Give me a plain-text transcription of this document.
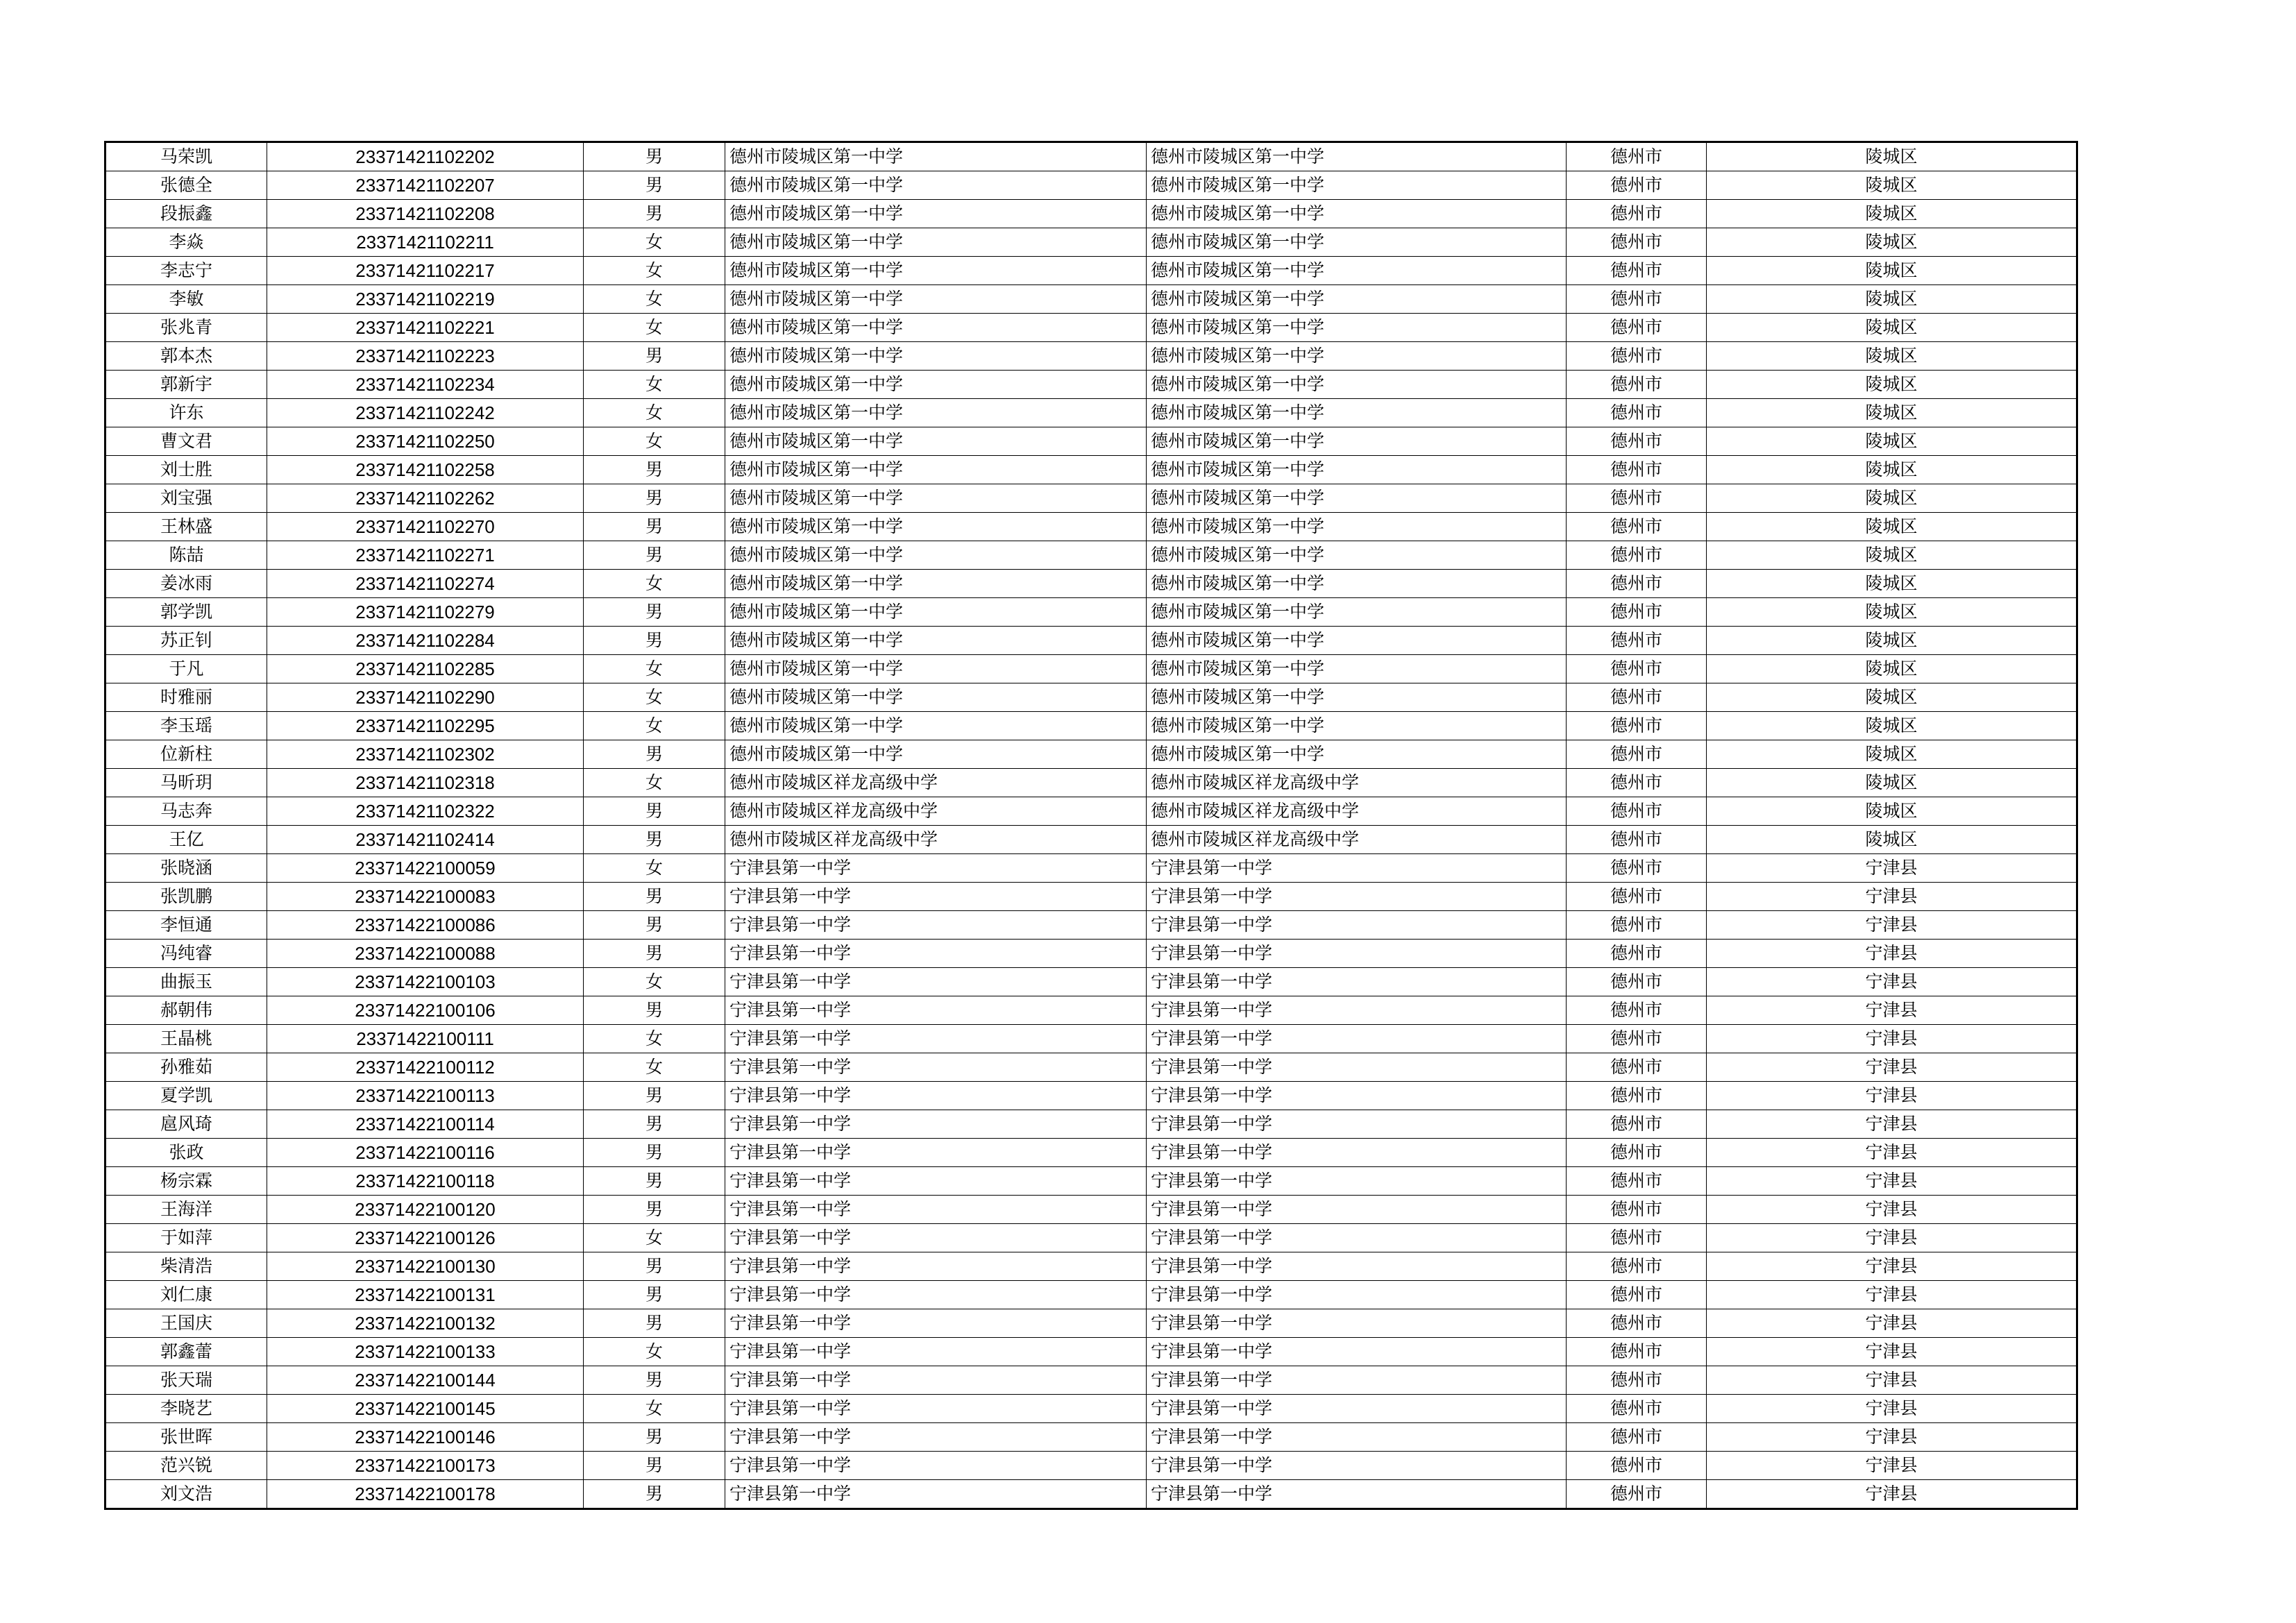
马荣凯	23371421102202	男	德州市陵城区第一中学	德州市陵城区第一中学	德州市	陵城区
张德全	23371421102207	男	德州市陵城区第一中学	德州市陵城区第一中学	德州市	陵城区
段振鑫	23371421102208	男	德州市陵城区第一中学	德州市陵城区第一中学	德州市	陵城区
李焱	23371421102211	女	德州市陵城区第一中学	德州市陵城区第一中学	德州市	陵城区
李志宁	23371421102217	女	德州市陵城区第一中学	德州市陵城区第一中学	德州市	陵城区
李敏	23371421102219	女	德州市陵城区第一中学	德州市陵城区第一中学	德州市	陵城区
张兆青	23371421102221	女	德州市陵城区第一中学	德州市陵城区第一中学	德州市	陵城区
郭本杰	23371421102223	男	德州市陵城区第一中学	德州市陵城区第一中学	德州市	陵城区
郭新宇	23371421102234	女	德州市陵城区第一中学	德州市陵城区第一中学	德州市	陵城区
许东	23371421102242	女	德州市陵城区第一中学	德州市陵城区第一中学	德州市	陵城区
曹文君	23371421102250	女	德州市陵城区第一中学	德州市陵城区第一中学	德州市	陵城区
刘士胜	23371421102258	男	德州市陵城区第一中学	德州市陵城区第一中学	德州市	陵城区
刘宝强	23371421102262	男	德州市陵城区第一中学	德州市陵城区第一中学	德州市	陵城区
王林盛	23371421102270	男	德州市陵城区第一中学	德州市陵城区第一中学	德州市	陵城区
陈喆	23371421102271	男	德州市陵城区第一中学	德州市陵城区第一中学	德州市	陵城区
姜冰雨	23371421102274	女	德州市陵城区第一中学	德州市陵城区第一中学	德州市	陵城区
郭学凯	23371421102279	男	德州市陵城区第一中学	德州市陵城区第一中学	德州市	陵城区
苏正钊	23371421102284	男	德州市陵城区第一中学	德州市陵城区第一中学	德州市	陵城区
于凡	23371421102285	女	德州市陵城区第一中学	德州市陵城区第一中学	德州市	陵城区
时雅丽	23371421102290	女	德州市陵城区第一中学	德州市陵城区第一中学	德州市	陵城区
李玉瑶	23371421102295	女	德州市陵城区第一中学	德州市陵城区第一中学	德州市	陵城区
位新柱	23371421102302	男	德州市陵城区第一中学	德州市陵城区第一中学	德州市	陵城区
马昕玥	23371421102318	女	德州市陵城区祥龙高级中学	德州市陵城区祥龙高级中学	德州市	陵城区
马志奔	23371421102322	男	德州市陵城区祥龙高级中学	德州市陵城区祥龙高级中学	德州市	陵城区
王亿	23371421102414	男	德州市陵城区祥龙高级中学	德州市陵城区祥龙高级中学	德州市	陵城区
张晓涵	23371422100059	女	宁津县第一中学	宁津县第一中学	德州市	宁津县
张凯鹏	23371422100083	男	宁津县第一中学	宁津县第一中学	德州市	宁津县
李恒通	23371422100086	男	宁津县第一中学	宁津县第一中学	德州市	宁津县
冯纯睿	23371422100088	男	宁津县第一中学	宁津县第一中学	德州市	宁津县
曲振玉	23371422100103	女	宁津县第一中学	宁津县第一中学	德州市	宁津县
郝朝伟	23371422100106	男	宁津县第一中学	宁津县第一中学	德州市	宁津县
王晶桃	23371422100111	女	宁津县第一中学	宁津县第一中学	德州市	宁津县
孙雅茹	23371422100112	女	宁津县第一中学	宁津县第一中学	德州市	宁津县
夏学凯	23371422100113	男	宁津县第一中学	宁津县第一中学	德州市	宁津县
扈风琦	23371422100114	男	宁津县第一中学	宁津县第一中学	德州市	宁津县
张政	23371422100116	男	宁津县第一中学	宁津县第一中学	德州市	宁津县
杨宗霖	23371422100118	男	宁津县第一中学	宁津县第一中学	德州市	宁津县
王海洋	23371422100120	男	宁津县第一中学	宁津县第一中学	德州市	宁津县
于如萍	23371422100126	女	宁津县第一中学	宁津县第一中学	德州市	宁津县
柴清浩	23371422100130	男	宁津县第一中学	宁津县第一中学	德州市	宁津县
刘仁康	23371422100131	男	宁津县第一中学	宁津县第一中学	德州市	宁津县
王国庆	23371422100132	男	宁津县第一中学	宁津县第一中学	德州市	宁津县
郭鑫蕾	23371422100133	女	宁津县第一中学	宁津县第一中学	德州市	宁津县
张天瑞	23371422100144	男	宁津县第一中学	宁津县第一中学	德州市	宁津县
李晓艺	23371422100145	女	宁津县第一中学	宁津县第一中学	德州市	宁津县
张世晖	23371422100146	男	宁津县第一中学	宁津县第一中学	德州市	宁津县
范兴锐	23371422100173	男	宁津县第一中学	宁津县第一中学	德州市	宁津县
刘文浩	23371422100178	男	宁津县第一中学	宁津县第一中学	德州市	宁津县
